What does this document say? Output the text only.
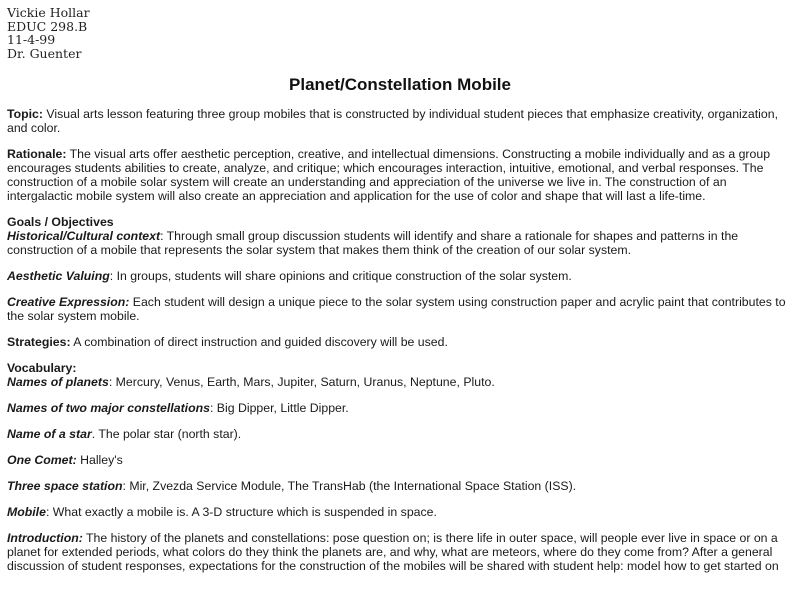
Vickie Hollar
EDUC 298.B
11-4-99
Dr. Guenter
Planet/Constellation Mobile

Topic: Visual arts lesson featuring three group mobiles that is constructed by individual student pieces that emphasize creativity, organization, and color.

Rationale: The visual arts offer aesthetic perception, creative, and intellectual dimensions. Constructing a mobile individually and as a group encourages students abilities to create, analyze, and critique; which encourages interaction, intuitive, emotional, and verbal responses. The construction of a mobile solar system will create an understanding and appreciation of the universe we live in. The construction of an intergalactic mobile system will also create an appreciation and application for the use of color and shape that will last a life-time.

Goals / Objectives

Historical/Cultural context: Through small group discussion students will identify and share a rationale for shapes and patterns in the construction of a mobile that represents the solar system that makes them think of the creation of our solar system.

Aesthetic Valuing: In groups, students will share opinions and critique construction of the solar system.

Creative Expression: Each student will design a unique piece to the solar system using construction paper and acrylic paint that contributes to the solar system mobile.

Strategies: A combination of direct instruction and guided discovery will be used.

Vocabulary:

Names of planets: Mercury, Venus, Earth, Mars, Jupiter, Saturn, Uranus, Neptune, Pluto.

Names of two major constellations: Big Dipper, Little Dipper.

Name of a star. The polar star (north star).

One Comet: Halley's

Three space station: Mir, Zvezda Service Module, The TransHab (the International Space Station (ISS).

Mobile: What exactly a mobile is. A 3-D structure which is suspended in space.

Introduction: The history of the planets and constellations: pose question on; is there life in outer space, will people ever live in space or on a planet for extended periods, what colors do they think the planets are, and why, what are meteors, where do they come from? After a general discussion of student responses, expectations for the construction of the mobiles will be shared with student help: model how to get started on
